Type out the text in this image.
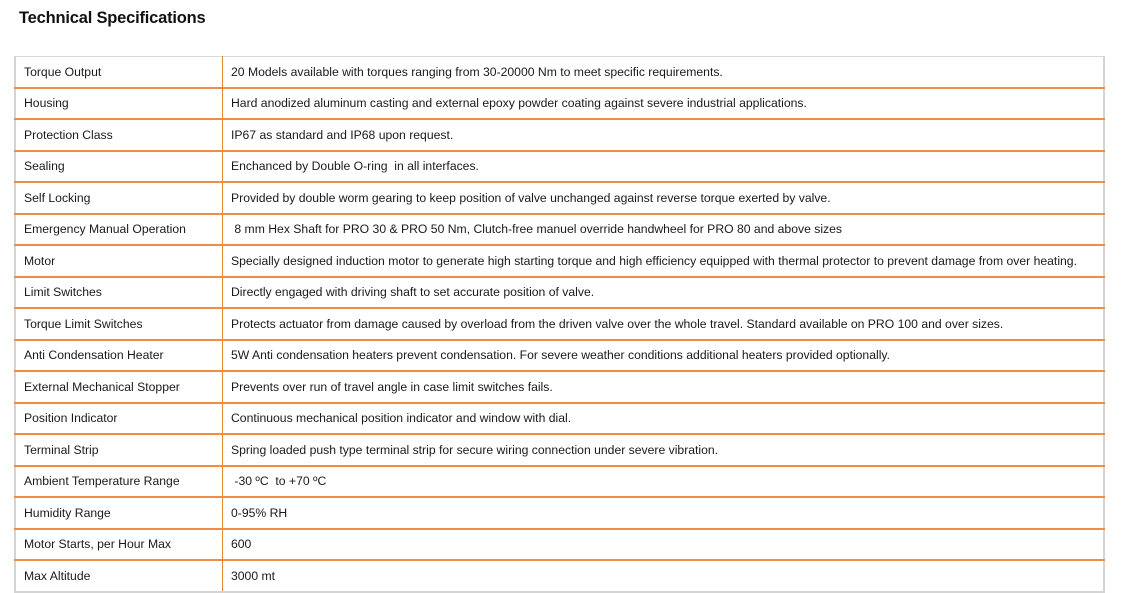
Technical Specifications
Torque Output	20 Models available with torques ranging from 30-20000 Nm to meet specific requirements.
Housing	Hard anodized aluminum casting and external epoxy powder coating against severe industrial applications.
Protection Class	IP67 as standard and IP68 upon request.
Sealing	Enchanced by Double O-ring  in all interfaces.
Self Locking	Provided by double worm gearing to keep position of valve unchanged against reverse torque exerted by valve.
Emergency Manual Operation	8 mm Hex Shaft for PRO 30 & PRO 50 Nm, Clutch-free manuel override handwheel for PRO 80 and above sizes
Motor	Specially designed induction motor to generate high starting torque and high efficiency equipped with thermal protector to prevent damage from over heating.
Limit Switches	Directly engaged with driving shaft to set accurate position of valve.
Torque Limit Switches	Protects actuator from damage caused by overload from the driven valve over the whole travel. Standard available on PRO 100 and over sizes.
Anti Condensation Heater	5W Anti condensation heaters prevent condensation. For severe weather conditions additional heaters provided optionally.
External Mechanical Stopper	Prevents over run of travel angle in case limit switches fails.
Position Indicator	Continuous mechanical position indicator and window with dial.
Terminal Strip	Spring loaded push type terminal strip for secure wiring connection under severe vibration.
Ambient Temperature Range	-30 ºC  to +70 ºC
Humidity Range	0-95% RH
Motor Starts, per Hour Max	600
Max Altitude	3000 mt
